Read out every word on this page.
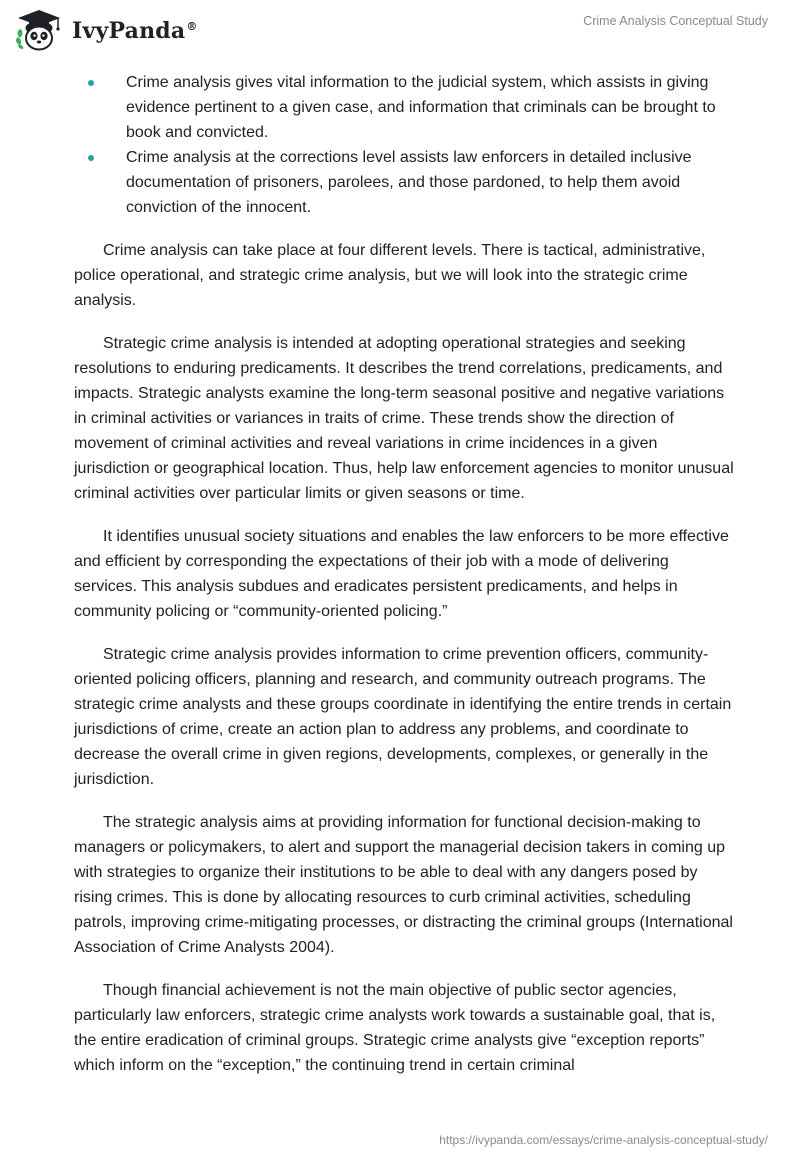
IvyPanda®	Crime Analysis Conceptual Study
Crime analysis gives vital information to the judicial system, which assists in giving evidence pertinent to a given case, and information that criminals can be brought to book and convicted.
Crime analysis at the corrections level assists law enforcers in detailed inclusive documentation of prisoners, parolees, and those pardoned, to help them avoid conviction of the innocent.

Crime analysis can take place at four different levels. There is tactical, administrative, police operational, and strategic crime analysis, but we will look into the strategic crime analysis.

Strategic crime analysis is intended at adopting operational strategies and seeking resolutions to enduring predicaments. It describes the trend correlations, predicaments, and impacts. Strategic analysts examine the long-term seasonal positive and negative variations in criminal activities or variances in traits of crime. These trends show the direction of movement of criminal activities and reveal variations in crime incidences in a given jurisdiction or geographical location. Thus, help law enforcement agencies to monitor unusual criminal activities over particular limits or given seasons or time.

It identifies unusual society situations and enables the law enforcers to be more effective and efficient by corresponding the expectations of their job with a mode of delivering services. This analysis subdues and eradicates persistent predicaments, and helps in community policing or “community-oriented policing.”

Strategic crime analysis provides information to crime prevention officers, community-oriented policing officers, planning and research, and community outreach programs. The strategic crime analysts and these groups coordinate in identifying the entire trends in certain jurisdictions of crime, create an action plan to address any problems, and coordinate to decrease the overall crime in given regions, developments, complexes, or generally in the jurisdiction.

The strategic analysis aims at providing information for functional decision-making to managers or policymakers, to alert and support the managerial decision takers in coming up with strategies to organize their institutions to be able to deal with any dangers posed by rising crimes. This is done by allocating resources to curb criminal activities, scheduling patrols, improving crime-mitigating processes, or distracting the criminal groups (International Association of Crime Analysts 2004).

Though financial achievement is not the main objective of public sector agencies, particularly law enforcers, strategic crime analysts work towards a sustainable goal, that is, the entire eradication of criminal groups. Strategic crime analysts give “exception reports” which inform on the “exception,” the continuing trend in certain criminal

https://ivypanda.com/essays/crime-analysis-conceptual-study/
